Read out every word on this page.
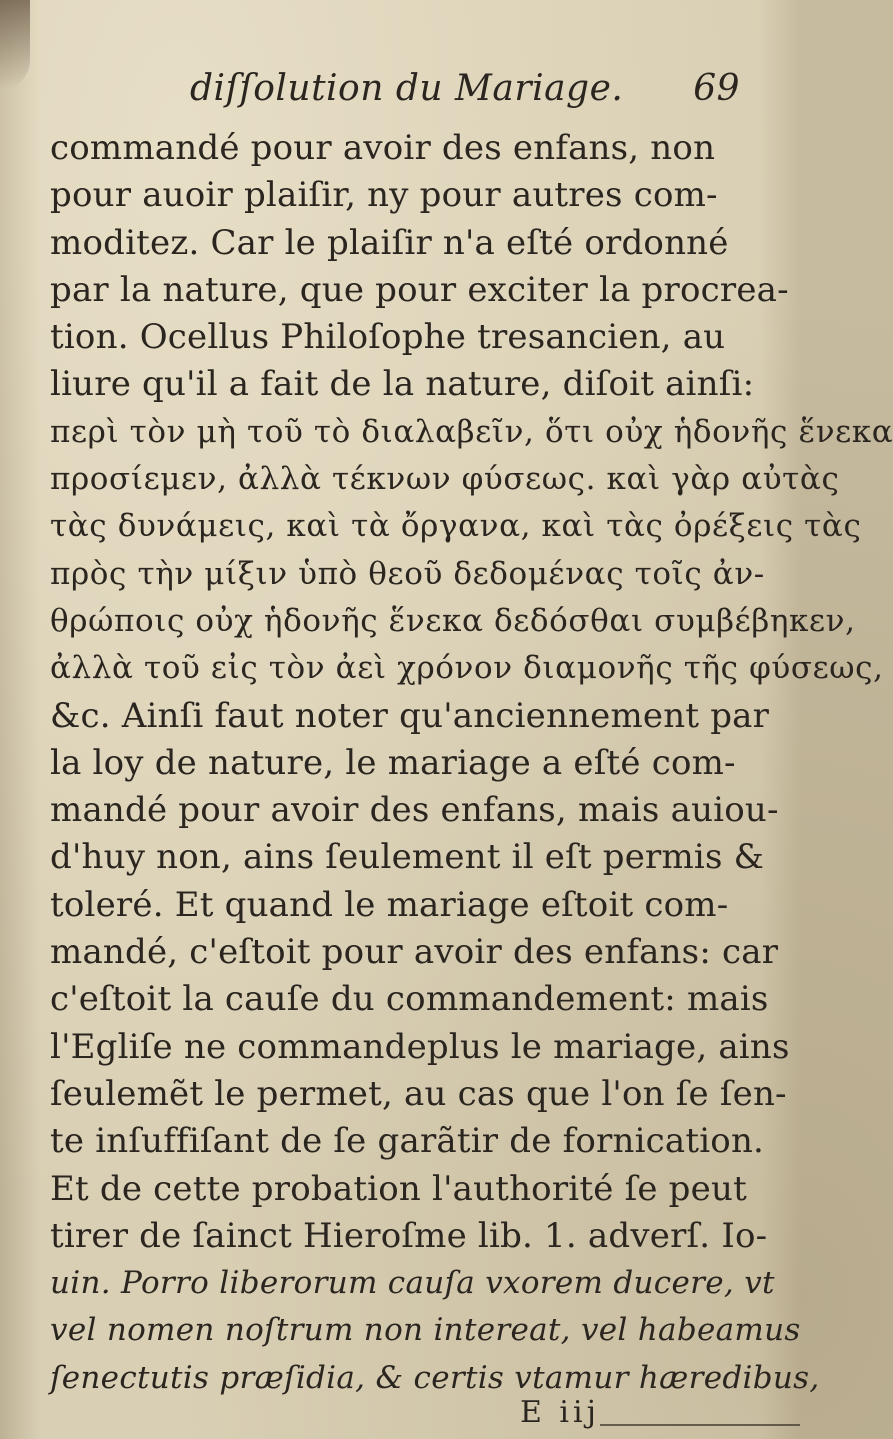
diſſolution du Mariage. 69
commandé pour avoir des enfans, non
pour auoir plaiſir, ny pour autres com-
moditez. Car le plaiſir n'a eſté ordonné
par la nature, que pour exciter la procrea-
tion. Ocellus Philoſophe tresancien, au
liure qu'il a fait de la nature, diſoit ainſi:
περὶ τὸν μὴ τοῦ τὸ διαλαβεῖν, ὅτι οὐχ ἡδονῆς ἕνεκα
προσίεμεν, ἀλλὰ τέκνων φύσεως. καὶ γὰρ αὐτὰς
τὰς δυνάμεις, καὶ τὰ ὄργανα, καὶ τὰς ὀρέξεις τὰς
πρὸς τὴν μίξιν ὑπὸ θεοῦ δεδομένας τοῖς ἀν-
θρώποις οὐχ ἡδονῆς ἕνεκα δεδόσθαι συμβέβηκεν,
ἀλλὰ τοῦ εἰς τὸν ἀεὶ χρόνον διαμονῆς τῆς φύσεως,
&c. Ainſi faut noter qu'anciennement par
la loy de nature, le mariage a eſté com-
mandé pour avoir des enfans, mais auiou-
d'huy non, ains ſeulement il eſt permis &
toleré. Et quand le mariage eſtoit com-
mandé, c'eſtoit pour avoir des enfans: car
c'eſtoit la cauſe du commandement: mais
l'Egliſe ne commandeplus le mariage, ains
ſeulemẽt le permet, au cas que l'on ſe ſen-
te inſuffiſant de ſe garãtir de fornication.
Et de cette probation l'authorité ſe peut
tirer de ſainct Hieroſme lib. 1. adverſ. Io-
uin. Porro liberorum cauſa vxorem ducere, vt
vel nomen noſtrum non intereat, vel habeamus
ſenectutis præſidia, & certis vtamur hæredibus,
E iij
